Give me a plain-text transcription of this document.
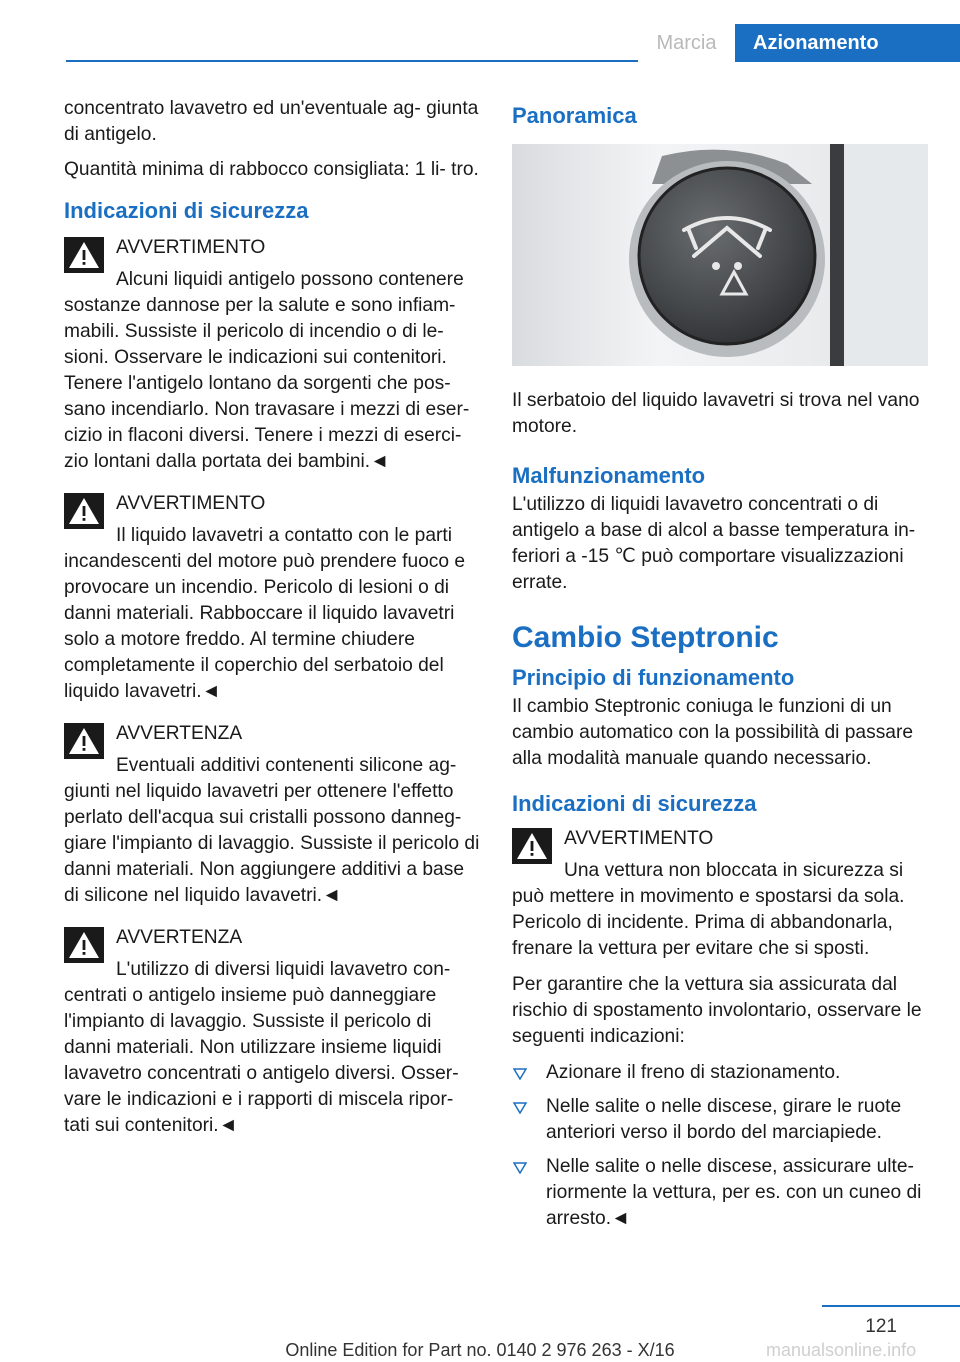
Marcia	Azionamento

concentrato lavavetro ed un'eventuale ag- giunta di antigelo.

Quantità minima di rabbocco consigliata: 1 li- tro.

Indicazioni di sicurezza

AVVERTIMENTO

Alcuni liquidi antigelo possono contenere sostanze dannose per la salute e sono infiam- mabili. Sussiste il pericolo di incendio o di le- sioni. Osservare le indicazioni sui contenitori. Tenere l'antigelo lontano da sorgenti che pos- sano incendiarlo. Non travasare i mezzi di eser- cizio in flaconi diversi. Tenere i mezzi di eserci- zio lontani dalla portata dei bambini.◄

AVVERTIMENTO

Il liquido lavavetri a contatto con le parti incandescenti del motore può prendere fuoco e provocare un incendio. Pericolo di lesioni o di danni materiali. Rabboccare il liquido lavavetri solo a motore freddo. Al termine chiudere completamente il coperchio del serbatoio del liquido lavavetri.◄

AVVERTENZA

Eventuali additivi contenenti silicone ag- giunti nel liquido lavavetri per ottenere l'effetto perlato dell'acqua sui cristalli possono danneg- giare l'impianto di lavaggio. Sussiste il pericolo di danni materiali. Non aggiungere additivi a base di silicone nel liquido lavavetri.◄

AVVERTENZA

L'utilizzo di diversi liquidi lavavetro con- centrati o antigelo insieme può danneggiare l'impianto di lavaggio. Sussiste il pericolo di danni materiali. Non utilizzare insieme liquidi lavavetro concentrati o antigelo diversi. Osser- vare le indicazioni e i rapporti di miscela ripor- tati sui contenitori.◄

Panoramica

Il serbatoio del liquido lavavetri si trova nel vano motore.

Malfunzionamento

L'utilizzo di liquidi lavavetro concentrati o di antigelo a base di alcol a basse temperatura in- feriori a -15 ℃ può comportare visualizzazioni errate.

Cambio Steptronic
Principio di funzionamento

Il cambio Steptronic coniuga le funzioni di un cambio automatico con la possibilità di passare alla modalità manuale quando necessario.

Indicazioni di sicurezza

AVVERTIMENTO

Una vettura non bloccata in sicurezza si può mettere in movimento e spostarsi da sola. Pericolo di incidente. Prima di abbandonarla, frenare la vettura per evitare che si sposti.

Per garantire che la vettura sia assicurata dal rischio di spostamento involontario, osservare le seguenti indicazioni:

Azionare il freno di stazionamento.

Nelle salite o nelle discese, girare le ruote anteriori verso il bordo del marciapiede.

Nelle salite o nelle discese, assicurare ulte- riormente la vettura, per es. con un cuneo di arresto.◄

121
Online Edition for Part no. 0140 2 976 263 - X/16	manualsonline.info
